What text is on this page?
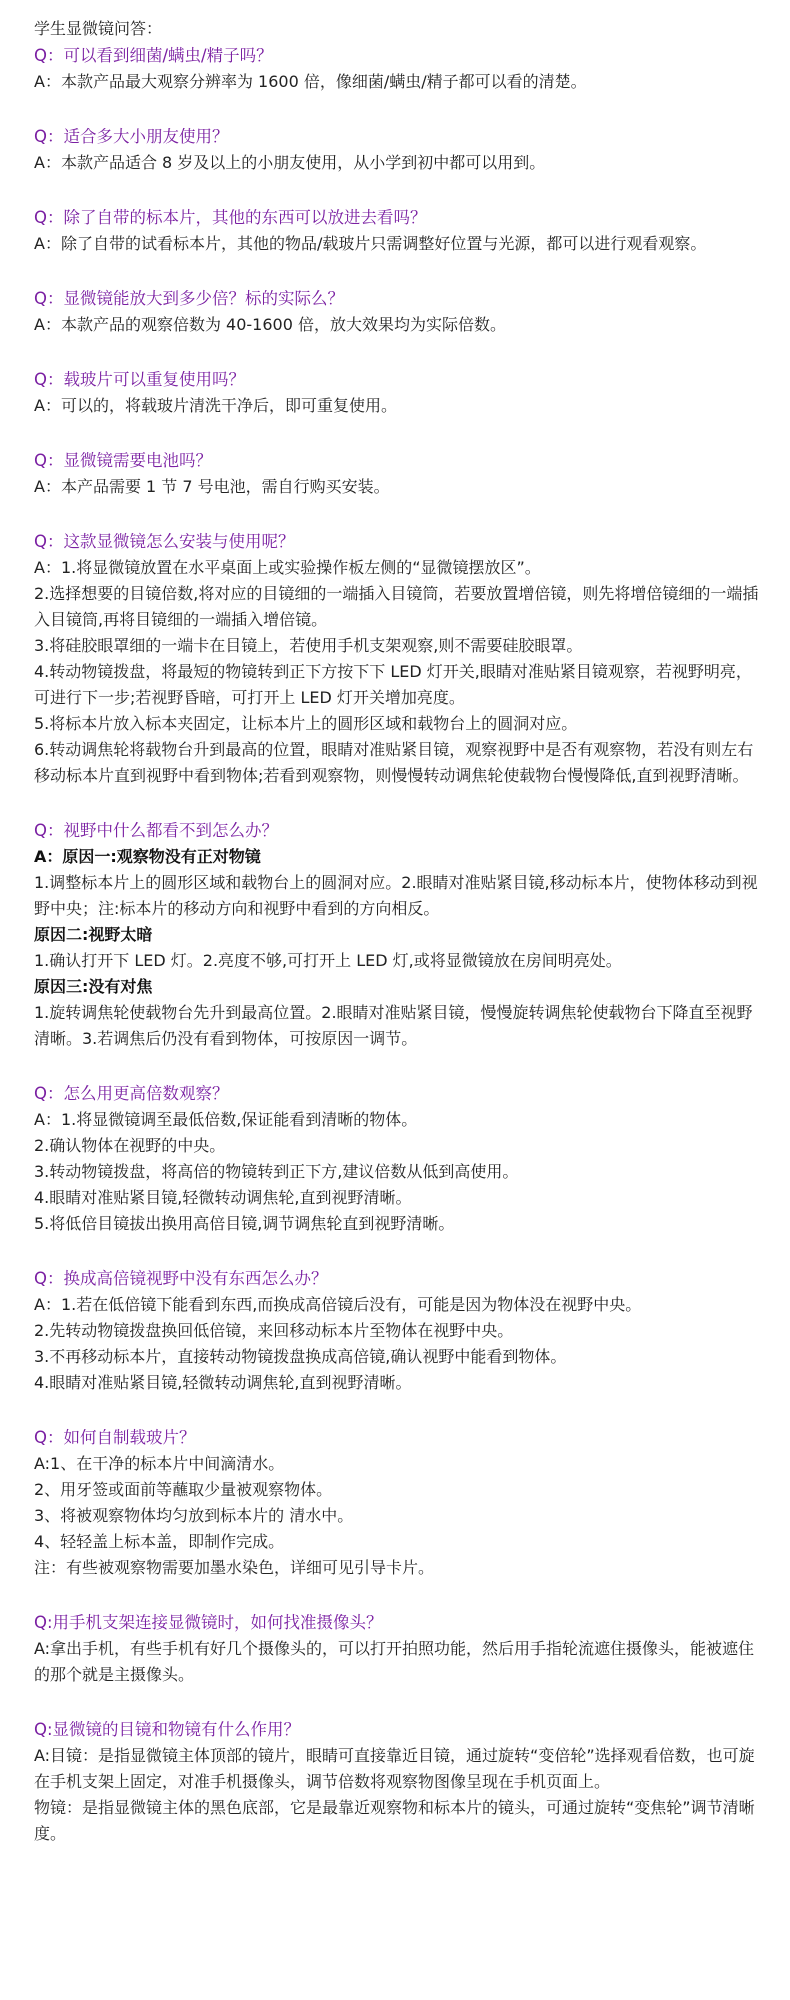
学生显微镜问答：

Q：可以看到细菌/螨虫/精子吗？

A：本款产品最大观察分辨率为 1600 倍，像细菌/螨虫/精子都可以看的清楚。

Q：适合多大小朋友使用？

A：本款产品适合 8 岁及以上的小朋友使用，从小学到初中都可以用到。

Q：除了自带的标本片，其他的东西可以放进去看吗？

A：除了自带的试看标本片，其他的物品/载玻片只需调整好位置与光源，都可以进行观看观察。

Q：显微镜能放大到多少倍？标的实际么？

A：本款产品的观察倍数为 40-1600 倍，放大效果均为实际倍数。

Q：载玻片可以重复使用吗？

A：可以的，将载玻片清洗干净后，即可重复使用。

Q：显微镜需要电池吗？

A：本产品需要 1 节 7 号电池，需自行购买安装。

Q：这款显微镜怎么安装与使用呢？

A：1.将显微镜放置在水平桌面上或实验操作板左侧的“显微镜摆放区”。

2.选择想要的目镜倍数,将对应的目镜细的一端插入目镜筒，若要放置增倍镜，则先将增倍镜细的一端插入目镜筒,再将目镜细的一端插入增倍镜。

3.将硅胶眼罩细的一端卡在目镜上，若使用手机支架观察,则不需要硅胶眼罩。

4.转动物镜拨盘，将最短的物镜转到正下方按下下 LED 灯开关,眼睛对准贴紧目镜观察，若视野明亮，可进行下一步;若视野昏暗，可打开上 LED 灯开关增加亮度。

5.将标本片放入标本夹固定，让标本片上的圆形区域和载物台上的圆洞对应。

6.转动调焦轮将载物台升到最高的位置，眼睛对准贴紧目镜，观察视野中是否有观察物，若没有则左右移动标本片直到视野中看到物体;若看到观察物，则慢慢转动调焦轮使载物台慢慢降低,直到视野清晰。

Q：视野中什么都看不到怎么办？

A：原因一:观察物没有正对物镜

1.调整标本片上的圆形区域和载物台上的圆洞对应。2.眼睛对准贴紧目镜,移动标本片，使物体移动到视野中央；注:标本片的移动方向和视野中看到的方向相反。

原因二:视野太暗

1.确认打开下 LED 灯。2.亮度不够,可打开上 LED 灯,或将显微镜放在房间明亮处。

原因三:没有对焦

1.旋转调焦轮使载物台先升到最高位置。2.眼睛对准贴紧目镜，慢慢旋转调焦轮使载物台下降直至视野清晰。3.若调焦后仍没有看到物体，可按原因一调节。

Q：怎么用更高倍数观察？

A：1.将显微镜调至最低倍数,保证能看到清晰的物体。

2.确认物体在视野的中央。

3.转动物镜拨盘，将高倍的物镜转到正下方,建议倍数从低到高使用。

4.眼睛对准贴紧目镜,轻微转动调焦轮,直到视野清晰。

5.将低倍目镜拔出换用高倍目镜,调节调焦轮直到视野清晰。

Q：换成高倍镜视野中没有东西怎么办？

A：1.若在低倍镜下能看到东西,而换成高倍镜后没有，可能是因为物体没在视野中央。

2.先转动物镜拨盘换回低倍镜，来回移动标本片至物体在视野中央。

3.不再移动标本片，直接转动物镜拨盘换成高倍镜,确认视野中能看到物体。

4.眼睛对准贴紧目镜,轻微转动调焦轮,直到视野清晰。

Q：如何自制载玻片？

A:1、在干净的标本片中间滴清水。

2、用牙签或面前等蘸取少量被观察物体。

3、将被观察物体均匀放到标本片的 清水中。

4、轻轻盖上标本盖，即制作完成。

注：有些被观察物需要加墨水染色，详细可见引导卡片。

Q:用手机支架连接显微镜时，如何找准摄像头？

A:拿出手机，有些手机有好几个摄像头的，可以打开拍照功能，然后用手指轮流遮住摄像头，能被遮住的那个就是主摄像头。

Q:显微镜的目镜和物镜有什么作用？

A:目镜：是指显微镜主体顶部的镜片，眼睛可直接靠近目镜，通过旋转“变倍轮”选择观看倍数，也可旋在手机支架上固定，对准手机摄像头，调节倍数将观察物图像呈现在手机页面上。

物镜：是指显微镜主体的黑色底部，它是最靠近观察物和标本片的镜头，可通过旋转“变焦轮”调节清晰度。
